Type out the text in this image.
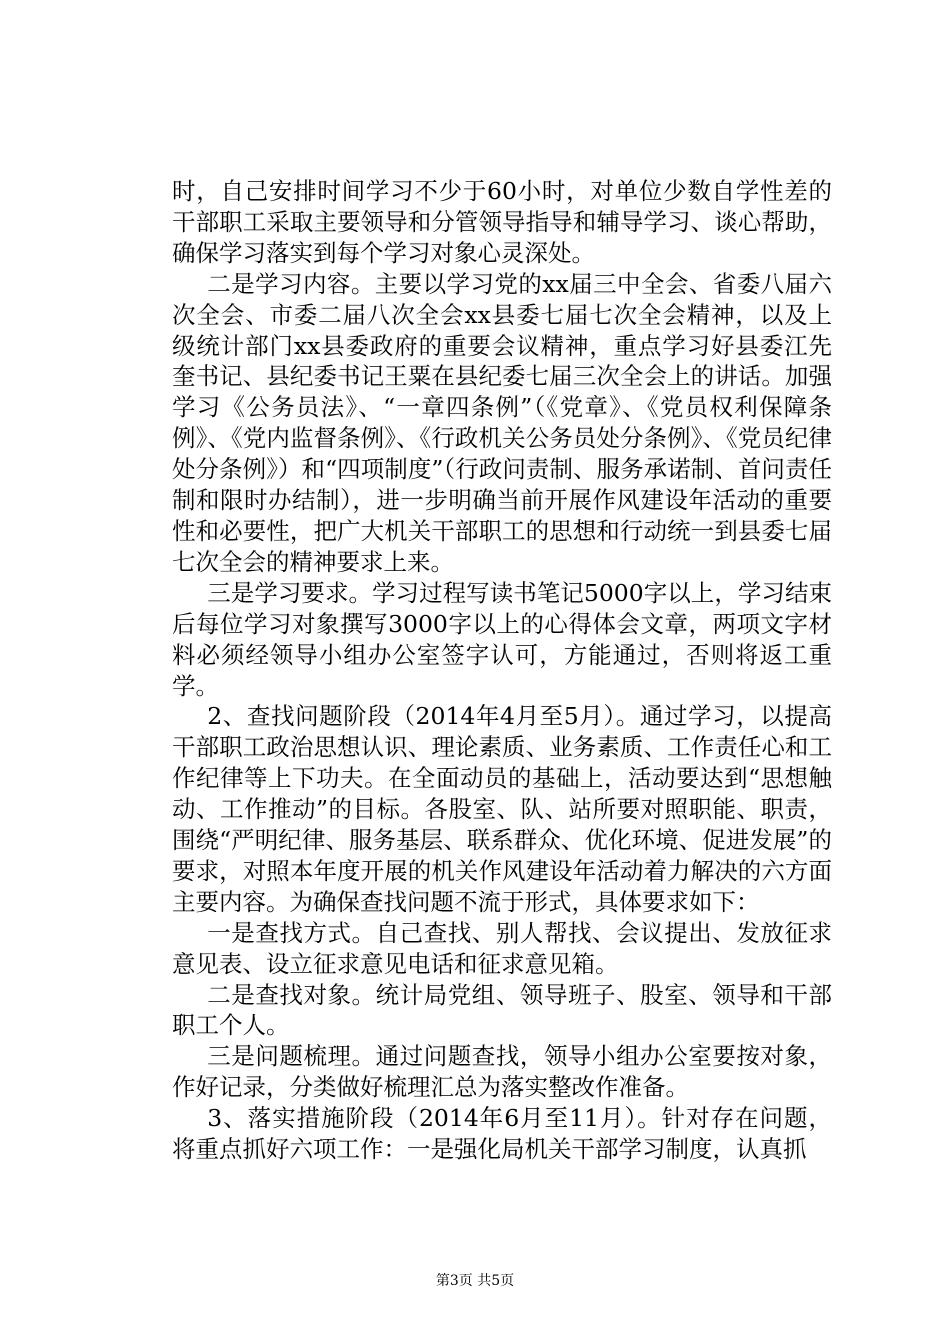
时，自己安排时间学习不少于60小时，对单位少数自学性差的干部职工采取主要领导和分管领导指导和辅导学习、谈心帮助，确保学习落实到每个学习对象心灵深处。

二是学习内容。主要以学习党的xx届三中全会、省委八届六次全会、市委二届八次全会xx县委七届七次全会精神，以及上级统计部门xx县委政府的重要会议精神，重点学习好县委江先奎书记、县纪委书记王粟在县纪委七届三次全会上的讲话。加强学习《公务员法》、“一章四条例”（《党章》、《党员权利保障条例》、《党内监督条例》、《行政机关公务员处分条例》、《党员纪律处分条例》）和“四项制度”（行政问责制、服务承诺制、首问责任制和限时办结制），进一步明确当前开展作风建设年活动的重要性和必要性，把广大机关干部职工的思想和行动统一到县委七届七次全会的精神要求上来。

三是学习要求。学习过程写读书笔记5000字以上，学习结束后每位学习对象撰写3000字以上的心得体会文章，两项文字材料必须经领导小组办公室签字认可，方能通过，否则将返工重学。

2、查找问题阶段（2014年4月至5月）。通过学习，以提高干部职工政治思想认识、理论素质、业务素质、工作责任心和工作纪律等上下功夫。在全面动员的基础上，活动要达到“思想触动、工作推动”的目标。各股室、队、站所要对照职能、职责，围绕“严明纪律、服务基层、联系群众、优化环境、促进发展”的要求，对照本年度开展的机关作风建设年活动着力解决的六方面主要内容。为确保查找问题不流于形式，具体要求如下：

一是查找方式。自己查找、别人帮找、会议提出、发放征求意见表、设立征求意见电话和征求意见箱。

二是查找对象。统计局党组、领导班子、股室、领导和干部职工个人。

三是问题梳理。通过问题查找，领导小组办公室要按对象，作好记录，分类做好梳理汇总为落实整改作准备。

3、落实措施阶段（2014年6月至11月）。针对存在问题，将重点抓好六项工作：一是强化局机关干部学习制度，认真抓

第3页 共5页
